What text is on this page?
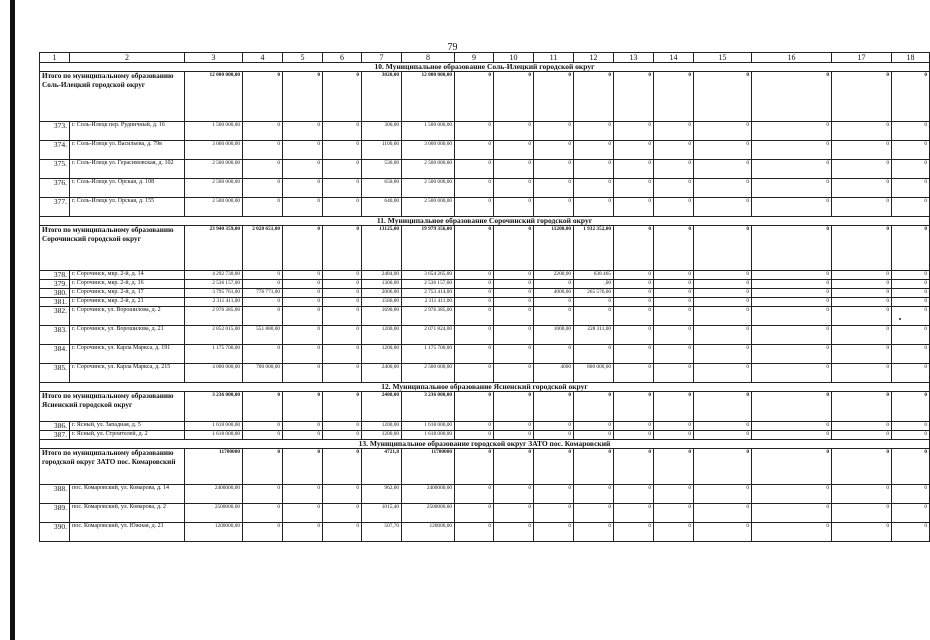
79
1	2	3	4	5	6	7	8	9	10	11	12	13	14	15	16	17	18
10. Муниципальное образование Соль-Илецкий городской округ																	
Итого по муниципальному образованию Соль-Илецкий городской округ		12 000 000,00	0	0	0	3020,00	12 000 000,00	0	0	0	0	0	0	0	0	0	0
373.	г. Соль-Илецк пер. Рудничный, д. 16	1 500 000,00	0	0	0	300,00	1 500 000,00	0	0	0	0	0	0	0	0	0	0
374.	г. Соль-Илецк ул. Васильева, д. 79в	3 000 000,00	0	0	0	1100,00	3 000 000,00	0	0	0	0	0	0	0	0	0	0
375.	г. Соль-Илецк ул. Герасимовская, д. 102	2 500 000,00	0	0	0	530,00	2 500 000,00	0	0	0	0	0	0	0	0	0	0
376.	г. Соль-Илецк ул. Орская, д. 108	2 500 000,00	0	0	0	650,00	2 500 000,00	0	0	0	0	0	0	0	0	0	0
377.	г. Соль-Илецк ул. Орская, д. 155	2 500 000,00	0	0	0	640,00	2 500 000,00	0	0	0	0	0	0	0	0	0	0
11. Муниципальное образование Сорочинский городской округ																	
Итого по муниципальному образованию Сорочинский городской округ		23 940 359,00	2 028 651,00	0	0	13125,00	19 979 356,00	0	0	11200,00	1 932 352,00	0	0	0	0	0	0
378.	г. Сорочинск, мкр. 2-й, д. 14	4 292 730,00	0	0	0	2484,00	3 654 265,00	0	0	2200,00	638 465	0	0	0	0	0	0
379.	г. Сорочинск, мкр. 2-й, д. 16	2 536 157,00	0	0	0	1300,00	2 536 157,00	0	0	0	,00	0	0	0	0	0	0
380.	г. Сорочинск, мкр. 2-й, д. 17	3 795 761,00	776 771,00	0	0	2006,00	2 753 414,00	0	0	4000,00	265 576,00	0	0	0	0	0	0
381.	г. Сорочинск, мкр. 2-й, д. 21	2 311 411,00	0	0	0	1586,00	2 311 411,00	0	0	0	0	0	0	0	0	0	0
382.	г. Сорочинск, ул. Ворошилова, д. 2	2 976 385,00	0	0	0	1690,00	2 976 385,00	0	0	0	0	0	0	0	0	0	0
383.	г. Сорочинск, ул. Ворошилова, д. 21	2 852 015,00	551 880,00	0	0	1200,00	2 071 824,00	0	0	1000,00	228 311,00	0	0	0	0	0	0
384.	г. Сорочинск, ул. Карла Маркса, д. 191	1 175 700,00	0	0	0	1200,00	1 175 700,00	0	0	0	0	0	0	0	0	0	0
385.	г. Сорочинск, ул. Карла Маркса, д. 215	4 000 000,00	700 000,00	0	0	2400,00	2 500 000,00	0	0	4000	800 000,00	0	0	0	0	0	0
12. Муниципальное образование Ясненский городской округ																	
Итого по муниципальному образованию Ясненский городской округ		3 236 000,00	0	0	0	2400,00	3 236 000,00	0	0	0	0	0	0	0	0	0	0
386.	г. Ясный, ул. Западная, д. 5	1 618 000,00	0	0	0	1200,00	1 618 000,00	0	0	0	0	0	0	0	0	0	0
387.	г. Ясный, ул. Строителей, д. 2	1 618 000,00	0	0	0	1200,00	1 618 000,00	0	0	0	0	0	0	0	0	0	0
13. Муниципальное образование городской округ ЗАТО пос. Комаровский																	
Итого по муниципальному образованию городской округ ЗАТО пос. Комаровский		11700000	0	0	0	4721,8	11700000	0	0	0	0	0	0	0	0	0	0
388.	пос. Комаровский, ул. Комарова, д. 14	2400000,00	0	0	0	962,00	2400000,00	0	0	0	0	0	0	0	0	0	0
389.	пос. Комаровский, ул. Комарова, д. 2	2500000,00	0	0	0	1015,40	2500000,00	0	0	0	0	0	0	0	0	0	0
390.	пос. Комаровский, ул. Южная, д. 21	1200000,00	0	0	0	507,70	120000,00	0	0	0	0	0	0	0	0	0	0
